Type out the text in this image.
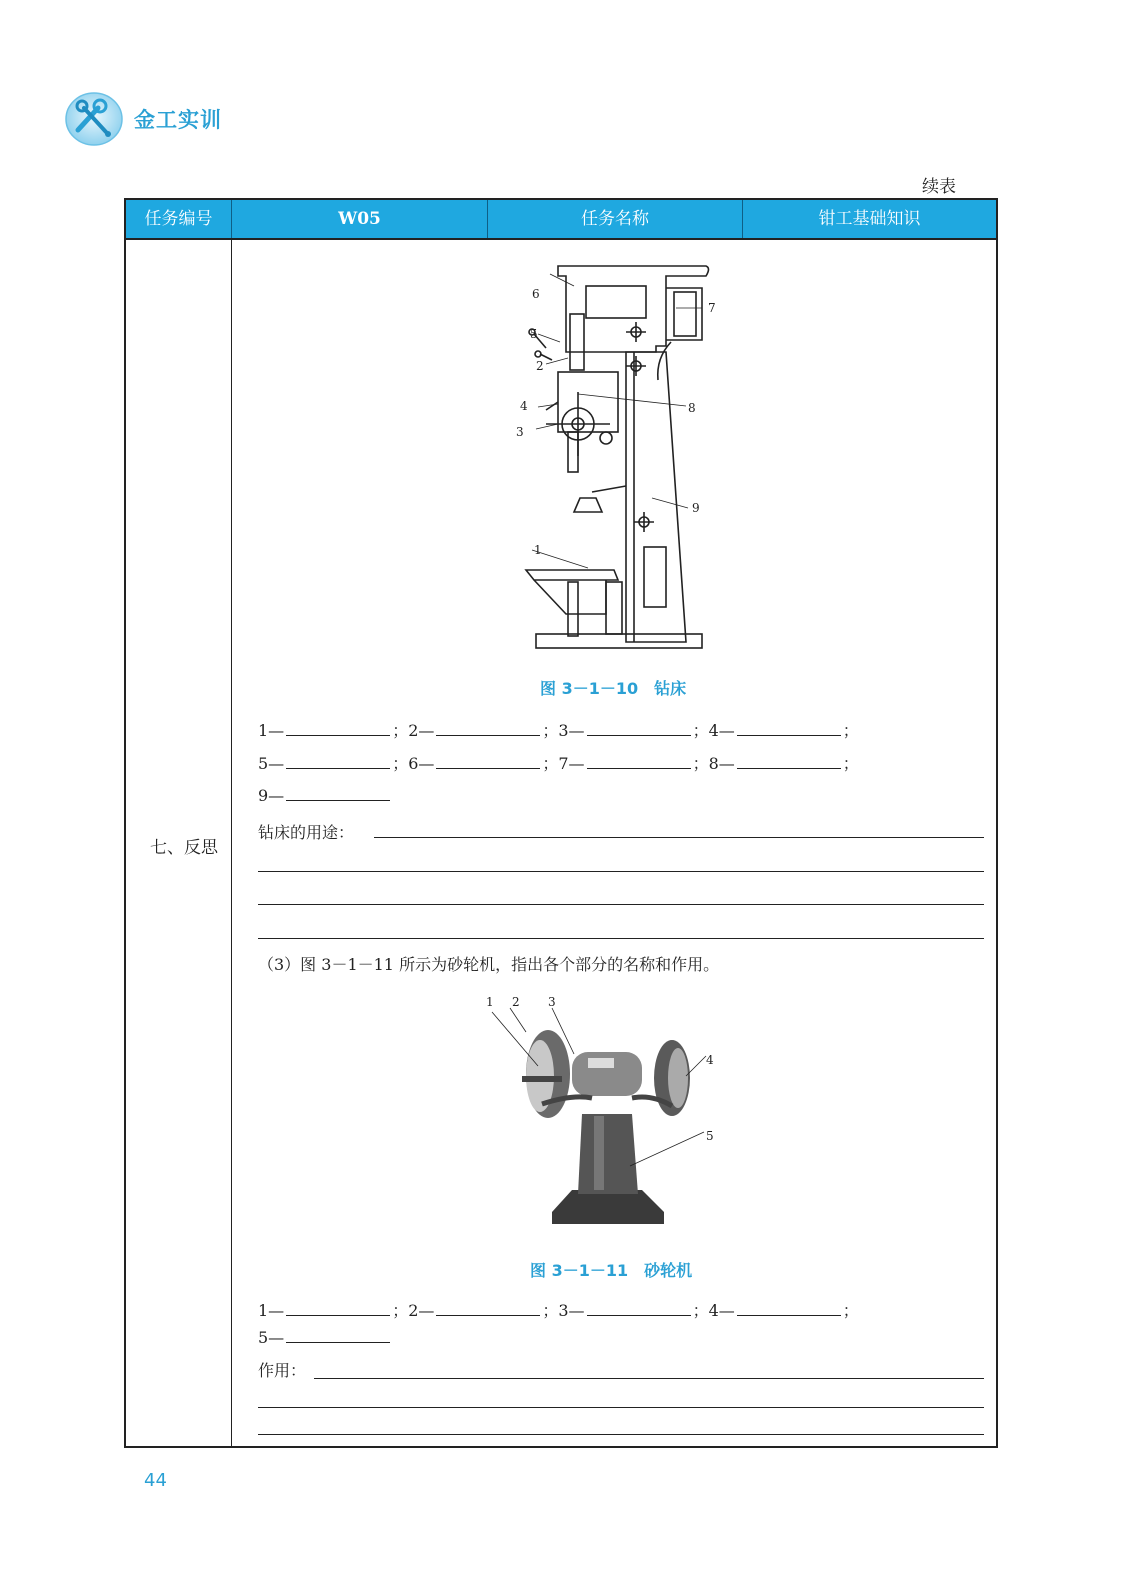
金工实训
续表
任务编号	W05	任务名称	钳工基础知识
七、反思
6
7
5
2
4	8
3
9
1
图 3－1－10　钻床
1—	；2—	；3—	；4—	；
5—	；6—	；7—	；8—	；
9—
钻床的用途：
（3）图 3－1－11 所示为砂轮机，指出各个部分的名称和作用。
1 2 3
4
5
图 3－1－11　砂轮机
1—	；2—	；3—	；4—	；
5—
作用：
44
